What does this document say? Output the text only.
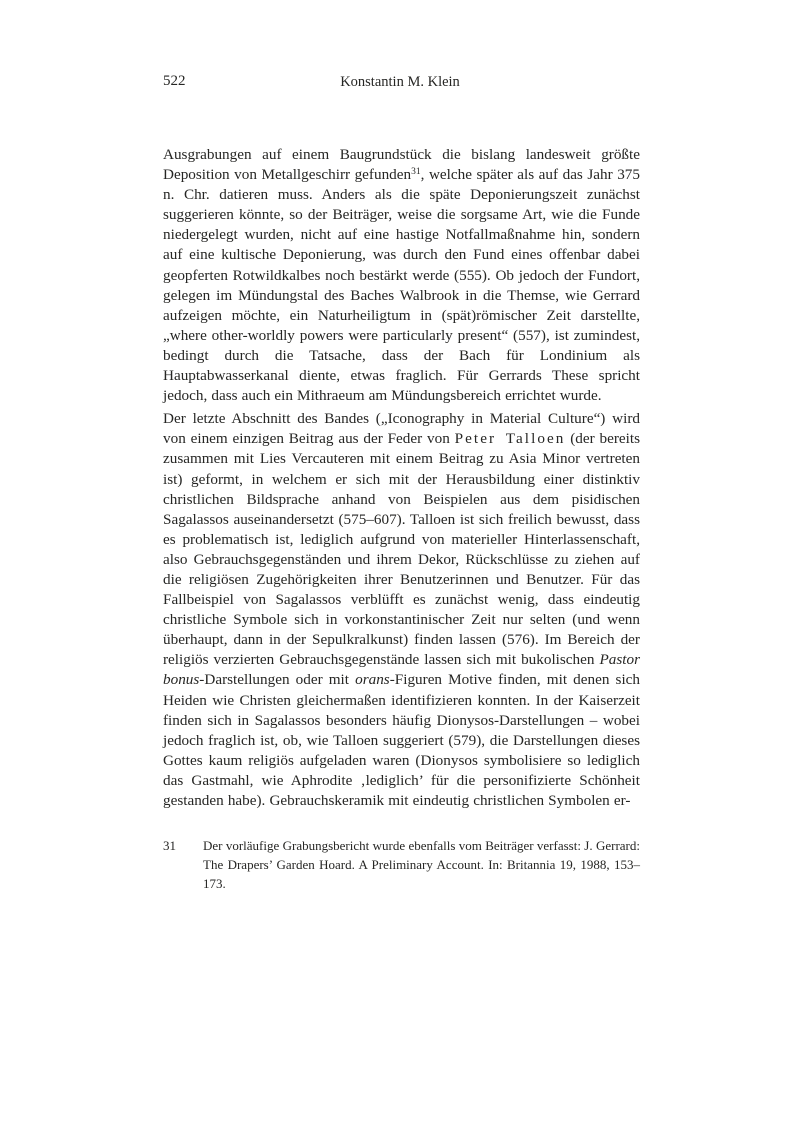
522	Konstantin M. Klein

Ausgrabungen auf einem Baugrundstück die bislang landesweit größte Deposition von Metallgeschirr gefunden$^{31}$, welche später als auf das Jahr 375 n. Chr. datieren muss. Anders als die späte Deponierungszeit zunächst suggerieren könnte, so der Beiträger, weise die sorgsame Art, wie die Funde niedergelegt wurden, nicht auf eine hastige Notfallmaßnahme hin, sondern auf eine kultische Deponierung, was durch den Fund eines offenbar dabei geopferten Rotwildkalbes noch bestärkt werde (555). Ob jedoch der Fundort, gelegen im Mündungstal des Baches Walbrook in die Themse, wie Gerrard aufzeigen möchte, ein Naturheiligtum in (spät)römischer Zeit darstellte, „where other-worldly powers were particularly present“ (557), ist zumindest, bedingt durch die Tatsache, dass der Bach für Londinium als Hauptabwasserkanal diente, etwas fraglich. Für Gerrards These spricht jedoch, dass auch ein Mithraeum am Mündungsbereich errichtet wurde.

Der letzte Abschnitt des Bandes („Iconography in Material Culture“) wird von einem einzigen Beitrag aus der Feder von Peter Talloen (der bereits zusammen mit Lies Vercauteren mit einem Beitrag zu Asia Minor vertreten ist) geformt, in welchem er sich mit der Herausbildung einer distinktiv christlichen Bildsprache anhand von Beispielen aus dem pisidischen Sagalassos auseinandersetzt (575–607). Talloen ist sich freilich bewusst, dass es problematisch ist, lediglich aufgrund von materieller Hinterlassenschaft, also Gebrauchsgegenständen und ihrem Dekor, Rückschlüsse zu ziehen auf die religiösen Zugehörigkeiten ihrer Benutzerinnen und Benutzer. Für das Fallbeispiel von Sagalassos verblüfft es zunächst wenig, dass eindeutig christliche Symbole sich in vorkonstantinischer Zeit nur selten (und wenn überhaupt, dann in der Sepulkralkunst) finden lassen (576). Im Bereich der religiös verzierten Gebrauchsgegenstände lassen sich mit bukolischen Pastor bonus-Darstellungen oder mit orans-Figuren Motive finden, mit denen sich Heiden wie Christen gleichermaßen identifizieren konnten. In der Kaiserzeit finden sich in Sagalassos besonders häufig Dionysos-Darstellungen – wobei jedoch fraglich ist, ob, wie Talloen suggeriert (579), die Darstellungen dieses Gottes kaum religiös aufgeladen waren (Dionysos symbolisiere so lediglich das Gastmahl, wie Aphrodite ‚lediglich’ für die personifizierte Schönheit gestanden habe). Gebrauchskeramik mit eindeutig christlichen Symbolen er-

31	Der vorläufige Grabungsbericht wurde ebenfalls vom Beiträger verfasst: J. Gerrard: The Drapers’ Garden Hoard. A Preliminary Account. In: Britannia 19, 1988, 153–173.
